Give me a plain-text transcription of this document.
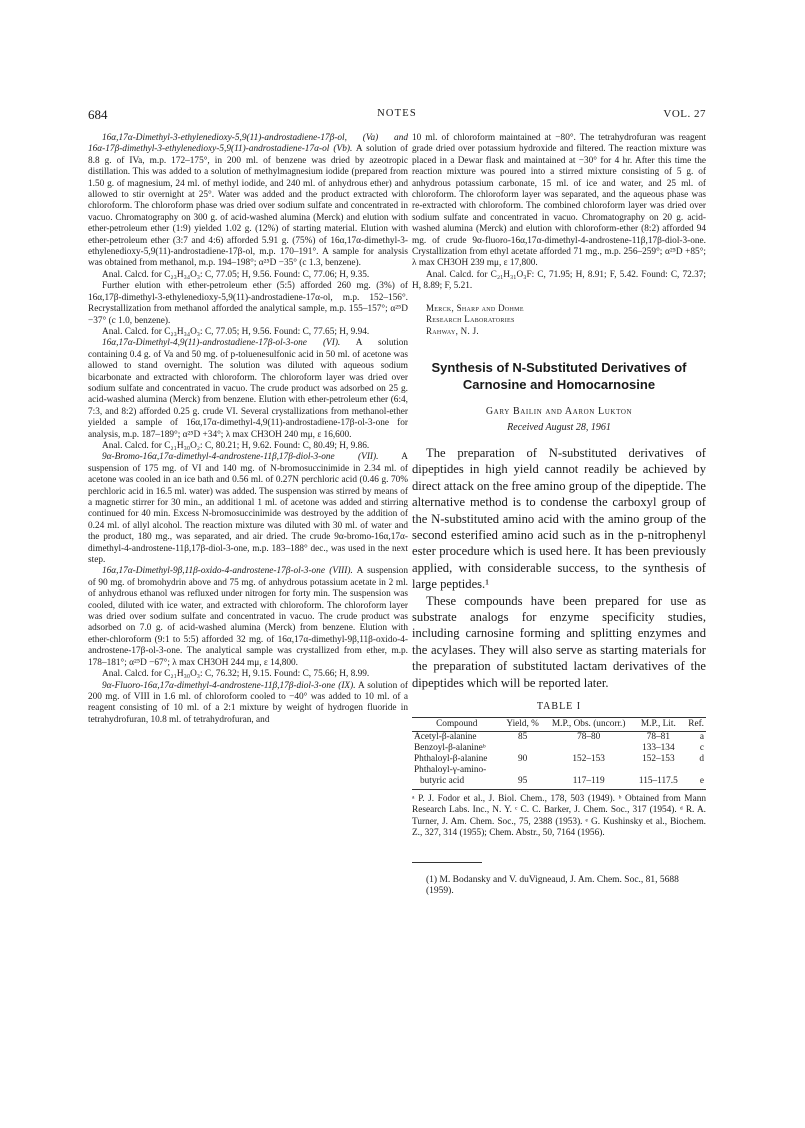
684	NOTES	VOL. 27

16α,17α-Dimethyl-3-ethylenedioxy-5,9(11)-androstadiene-17β-ol, (Va) and 16α-17β-dimethyl-3-ethylenedioxy-5,9(11)-androstadiene-17α-ol (Vb). A solution of 8.8 g. of IVa, m.p. 172–175°, in 200 ml. of benzene was dried by azeotropic distillation. This was added to a solution of methylmagnesium iodide (prepared from 1.50 g. of magnesium, 24 ml. of methyl iodide, and 240 ml. of anhydrous ether) and allowed to stir overnight at 25°. Water was added and the product extracted with chloroform. The chloroform phase was dried over sodium sulfate and concentrated in vacuo. Chromatography on 300 g. of acid-washed alumina (Merck) and elution with ether-petroleum ether (1:9) yielded 1.02 g. (12%) of starting material. Elution with ether-petroleum ether (3:7 and 4:6) afforded 5.91 g. (75%) of 16α,17α-dimethyl-3-ethylenedioxy-5,9(11)-androstadiene-17β-ol, m.p. 170–191°. A sample for analysis was obtained from methanol, m.p. 194–198°; α²⁵D −35° (c 1.3, benzene).

Anal. Calcd. for C₂₃H₃₄O₃: C, 77.05; H, 9.56. Found: C, 77.06; H, 9.35.

Further elution with ether-petroleum ether (5:5) afforded 260 mg. (3%) of 16α,17β-dimethyl-3-ethylenedioxy-5,9(11)-androstadiene-17α-ol, m.p. 152–156°. Recrystallization from methanol afforded the analytical sample, m.p. 155–157°; α²⁵D −37° (c 1.0, benzene).

Anal. Calcd. for C₂₃H₃₄O₃: C, 77.05; H, 9.56. Found: C, 77.65; H, 9.94.

16α,17α-Dimethyl-4,9(11)-androstadiene-17β-ol-3-one (VI). A solution containing 0.4 g. of Va and 50 mg. of p-toluenesulfonic acid in 50 ml. of acetone was allowed to stand overnight. The solution was diluted with aqueous sodium bicarbonate and extracted with chloroform. The chloroform layer was dried over sodium sulfate and concentrated in vacuo. The crude product was adsorbed on 25 g. acid-washed alumina (Merck) from benzene. Elution with ether-petroleum ether (6:4, 7:3, and 8:2) afforded 0.25 g. crude VI. Several crystallizations from methanol-ether yielded a sample of 16α,17α-dimethyl-4,9(11)-androstadiene-17β-ol-3-one for analysis, m.p. 187–189°; α²⁵D +34°; λ max CH3OH 240 mμ, ε 16,600.

Anal. Calcd. for C₂₁H₃₀O₂: C, 80.21; H, 9.62. Found: C, 80.49; H, 9.86.

9α-Bromo-16α,17α-dimethyl-4-androstene-11β,17β-diol-3-one (VII). A suspension of 175 mg. of VI and 140 mg. of N-bromosuccinimide in 2.34 ml. of acetone was cooled in an ice bath and 0.56 ml. of 0.27N perchloric acid (0.46 g. 70% perchloric acid in 16.5 ml. water) was added. The suspension was stirred by means of a magnetic stirrer for 30 min., an additional 1 ml. of acetone was added and stirring continued for 40 min. Excess N-bromosuccinimide was destroyed by the addition of 0.24 ml. of allyl alcohol. The reaction mixture was diluted with 30 ml. of water and the product, 180 mg., was separated, and air dried. The crude 9α-bromo-16α,17α-dimethyl-4-androstene-11β,17β-diol-3-one, m.p. 183–188° dec., was used in the next step.

16α,17α-Dimethyl-9β,11β-oxido-4-androstene-17β-ol-3-one (VIII). A suspension of 90 mg. of bromohydrin above and 75 mg. of anhydrous potassium acetate in 2 ml. of anhydrous ethanol was refluxed under nitrogen for forty min. The suspension was cooled, diluted with ice water, and extracted with chloroform. The chloroform layer was dried over sodium sulfate and concentrated in vacuo. The crude product was adsorbed on 7.0 g. of acid-washed alumina (Merck) from benzene. Elution with ether-chloroform (9:1 to 5:5) afforded 32 mg. of 16α,17α-dimethyl-9β,11β-oxido-4-androstene-17β-ol-3-one. The analytical sample was crystallized from ether, m.p. 178–181°; α²⁵D −67°; λ max CH3OH 244 mμ, ε 14,800.

Anal. Calcd. for C₂₁H₃₀O₃: C, 76.32; H, 9.15. Found: C, 75.66; H, 8.99.

9α-Fluoro-16α,17α-dimethyl-4-androstene-11β,17β-diol-3-one (IX). A solution of 200 mg. of VIII in 1.6 ml. of chloroform cooled to −40° was added to 10 ml. of a reagent consisting of 10 ml. of a 2:1 mixture by weight of hydrogen fluoride in tetrahydrofuran, 10.8 ml. of tetrahydrofuran, and

10 ml. of chloroform maintained at −80°. The tetrahydrofuran was reagent grade dried over potassium hydroxide and filtered. The reaction mixture was placed in a Dewar flask and maintained at −30° for 4 hr. After this time the reaction mixture was poured into a stirred mixture consisting of 5 g. of anhydrous potassium carbonate, 15 ml. of ice and water, and 25 ml. of chloroform. The chloroform layer was separated, and the aqueous phase was re-extracted with chloroform. The combined chloroform layer was dried over sodium sulfate and concentrated in vacuo. Chromatography on 20 g. acid-washed alumina (Merck) and elution with chloroform-ether (8:2) afforded 94 mg. of crude 9α-fluoro-16α,17α-dimethyl-4-androstene-11β,17β-diol-3-one. Crystallization from ethyl acetate afforded 71 mg., m.p. 256–259°; α²⁵D +85°; λ max CH3OH 239 mμ, ε 17,800.

Anal. Calcd. for C₂₁H₃₁O₃F: C, 71.95; H, 8.91; F, 5.42. Found: C, 72.37; H, 8.89; F, 5.21.

Merck, Sharp and Dohme
Research Laboratories
Rahway, N. J.
Synthesis of N-Substituted Derivatives of Carnosine and Homocarnosine
Gary Bailin and Aaron Lukton
Received August 28, 1961

The preparation of N-substituted derivatives of dipeptides in high yield cannot readily be achieved by direct attack on the free amino group of the dipeptide. The alternative method is to condense the carboxyl group of the N-substituted amino acid with the amino group of the second esterified amino acid such as in the p-nitrophenyl ester procedure which is used here. It has been previously applied, with considerable success, to the synthesis of large peptides.¹

These compounds have been prepared for use as substrate analogs for enzyme specificity studies, including carnosine forming and splitting enzymes and the acylases. They will also serve as starting materials for the preparation of substituted lactam derivatives of the dipeptides which will be reported later.

TABLE I
Compound	Yield, %	M.P., Obs. (uncorr.)	M.P., Lit.	Ref.
Acetyl-β-alanine	85	78–80	78–81	a
Benzoyl-β-alanineᵇ			133–134	c
Phthaloyl-β-alanine	90	152–153	152–153	d
Phthaloyl-γ-amino-				
butyric acid	95	117–119	115–117.5	e
ᵃ P. J. Fodor et al., J. Biol. Chem., 178, 503 (1949). ᵇ Obtained from Mann Research Labs. Inc., N. Y. ᶜ C. C. Barker, J. Chem. Soc., 317 (1954). ᵈ R. A. Turner, J. Am. Chem. Soc., 75, 2388 (1953). ᵉ G. Kushinsky et al., Biochem. Z., 327, 314 (1955); Chem. Abstr., 50, 7164 (1956).
(1) M. Bodansky and V. duVigneaud, J. Am. Chem. Soc., 81, 5688 (1959).
